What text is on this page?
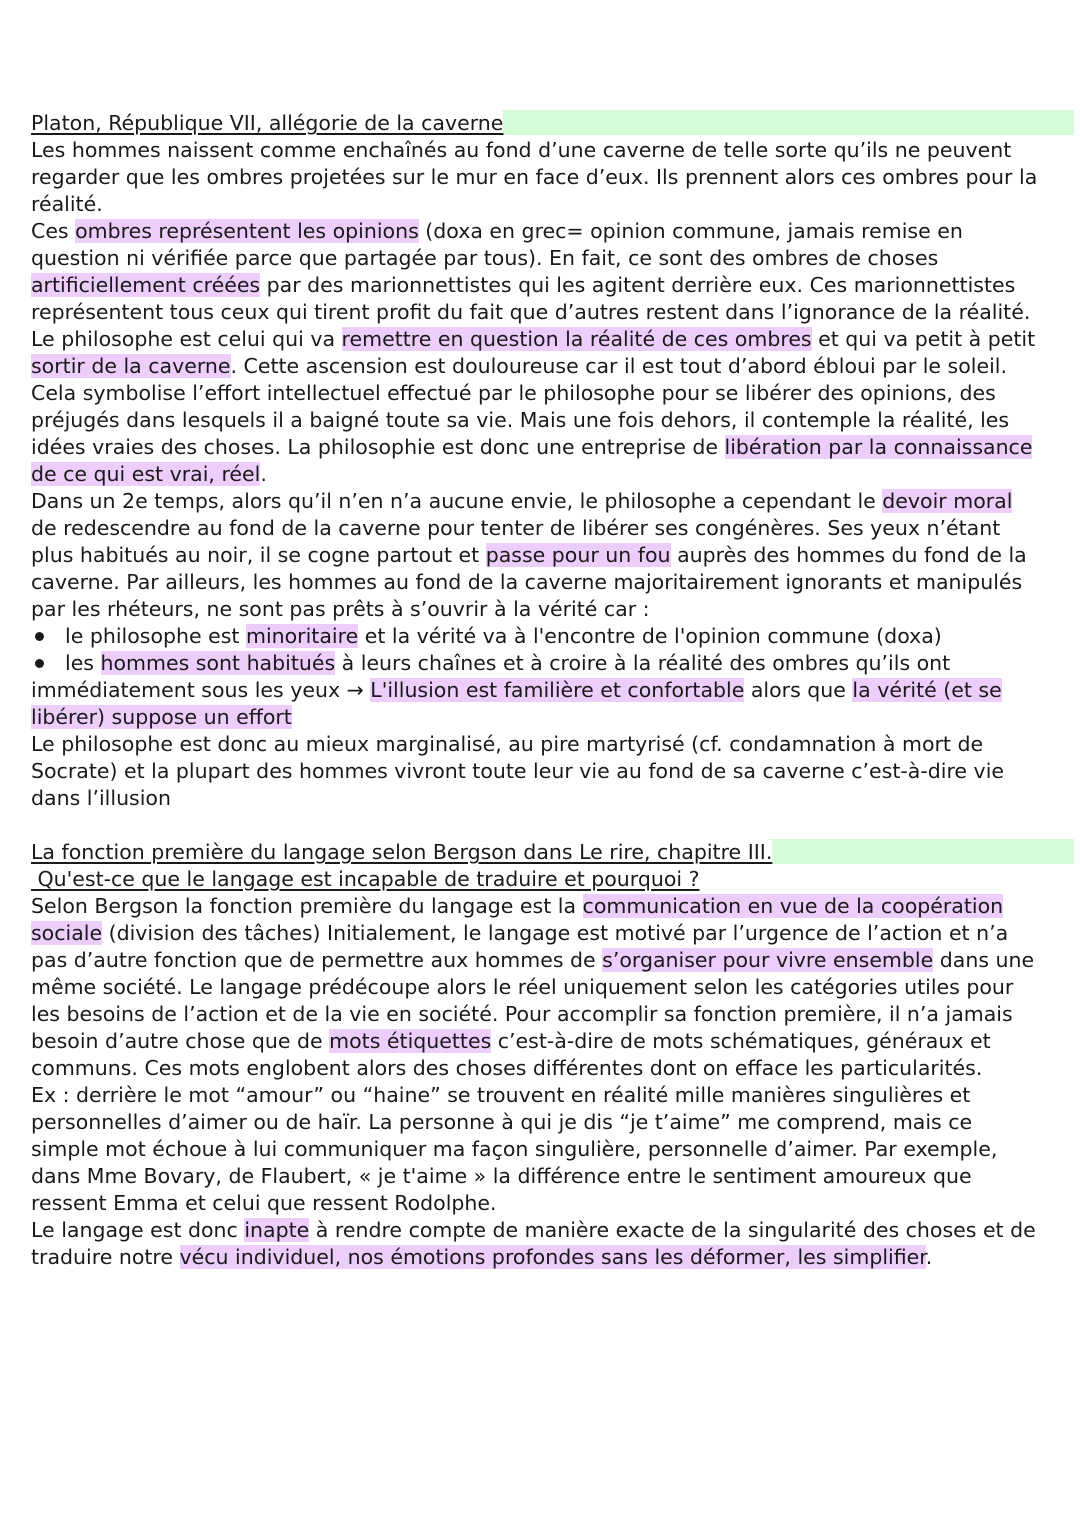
Platon, République VII, allégorie de la caverne

Les hommes naissent comme enchaînés au fond d’une caverne de telle sorte qu’ils ne peuvent regarder que les ombres projetées sur le mur en face d’eux. Ils prennent alors ces ombres pour la réalité.

Ces ombres représentent les opinions (doxa en grec= opinion commune, jamais remise en question ni vérifiée parce que partagée par tous). En fait, ce sont des ombres de choses artificiellement créées par des marionnettistes qui les agitent derrière eux. Ces marionnettistes représentent tous ceux qui tirent profit du fait que d’autres restent dans l’ignorance de la réalité.

Le philosophe est celui qui va remettre en question la réalité de ces ombres et qui va petit à petit sortir de la caverne. Cette ascension est douloureuse car il est tout d’abord ébloui par le soleil. Cela symbolise l’effort intellectuel effectué par le philosophe pour se libérer des opinions, des préjugés dans lesquels il a baigné toute sa vie. Mais une fois dehors, il contemple la réalité, les idées vraies des choses. La philosophie est donc une entreprise de libération par la connaissance de ce qui est vrai, réel.

Dans un 2e temps, alors qu’il n’en n’a aucune envie, le philosophe a cependant le devoir moral de redescendre au fond de la caverne pour tenter de libérer ses congénères. Ses yeux n’étant plus habitués au noir, il se cogne partout et passe pour un fou auprès des hommes du fond de la caverne. Par ailleurs, les hommes au fond de la caverne majoritairement ignorants et manipulés par les rhéteurs, ne sont pas prêts à s’ouvrir à la vérité car :

le philosophe est minoritaire et la vérité va à l'encontre de l'opinion commune (doxa)
les hommes sont habitués à leurs chaînes et à croire à la réalité des ombres qu’ils ont
immédiatement sous les yeux → L'illusion est familière et confortable alors que la vérité (et se libérer) suppose un effort

Le philosophe est donc au mieux marginalisé, au pire martyrisé (cf. condamnation à mort de Socrate) et la plupart des hommes vivront toute leur vie au fond de sa caverne c’est-à-dire vie dans l’illusion

La fonction première du langage selon Bergson dans Le rire, chapitre III.

Qu'est-ce que le langage est incapable de traduire et pourquoi ?

Selon Bergson la fonction première du langage est la communication en vue de la coopération sociale (division des tâches) Initialement, le langage est motivé par l’urgence de l’action et n’a pas d’autre fonction que de permettre aux hommes de s’organiser pour vivre ensemble dans une même société. Le langage prédécoupe alors le réel uniquement selon les catégories utiles pour les besoins de l’action et de la vie en société. Pour accomplir sa fonction première, il n’a jamais besoin d’autre chose que de mots étiquettes c’est-à-dire de mots schématiques, généraux et communs. Ces mots englobent alors des choses différentes dont on efface les particularités.

Ex : derrière le mot “amour” ou “haine” se trouvent en réalité mille manières singulières et personnelles d’aimer ou de haïr. La personne à qui je dis “je t’aime” me comprend, mais ce simple mot échoue à lui communiquer ma façon singulière, personnelle d’aimer. Par exemple, dans Mme Bovary, de Flaubert, « je t'aime » la différence entre le sentiment amoureux que ressent Emma et celui que ressent Rodolphe.

Le langage est donc inapte à rendre compte de manière exacte de la singularité des choses et de traduire notre vécu individuel, nos émotions profondes sans les déformer, les simplifier.
